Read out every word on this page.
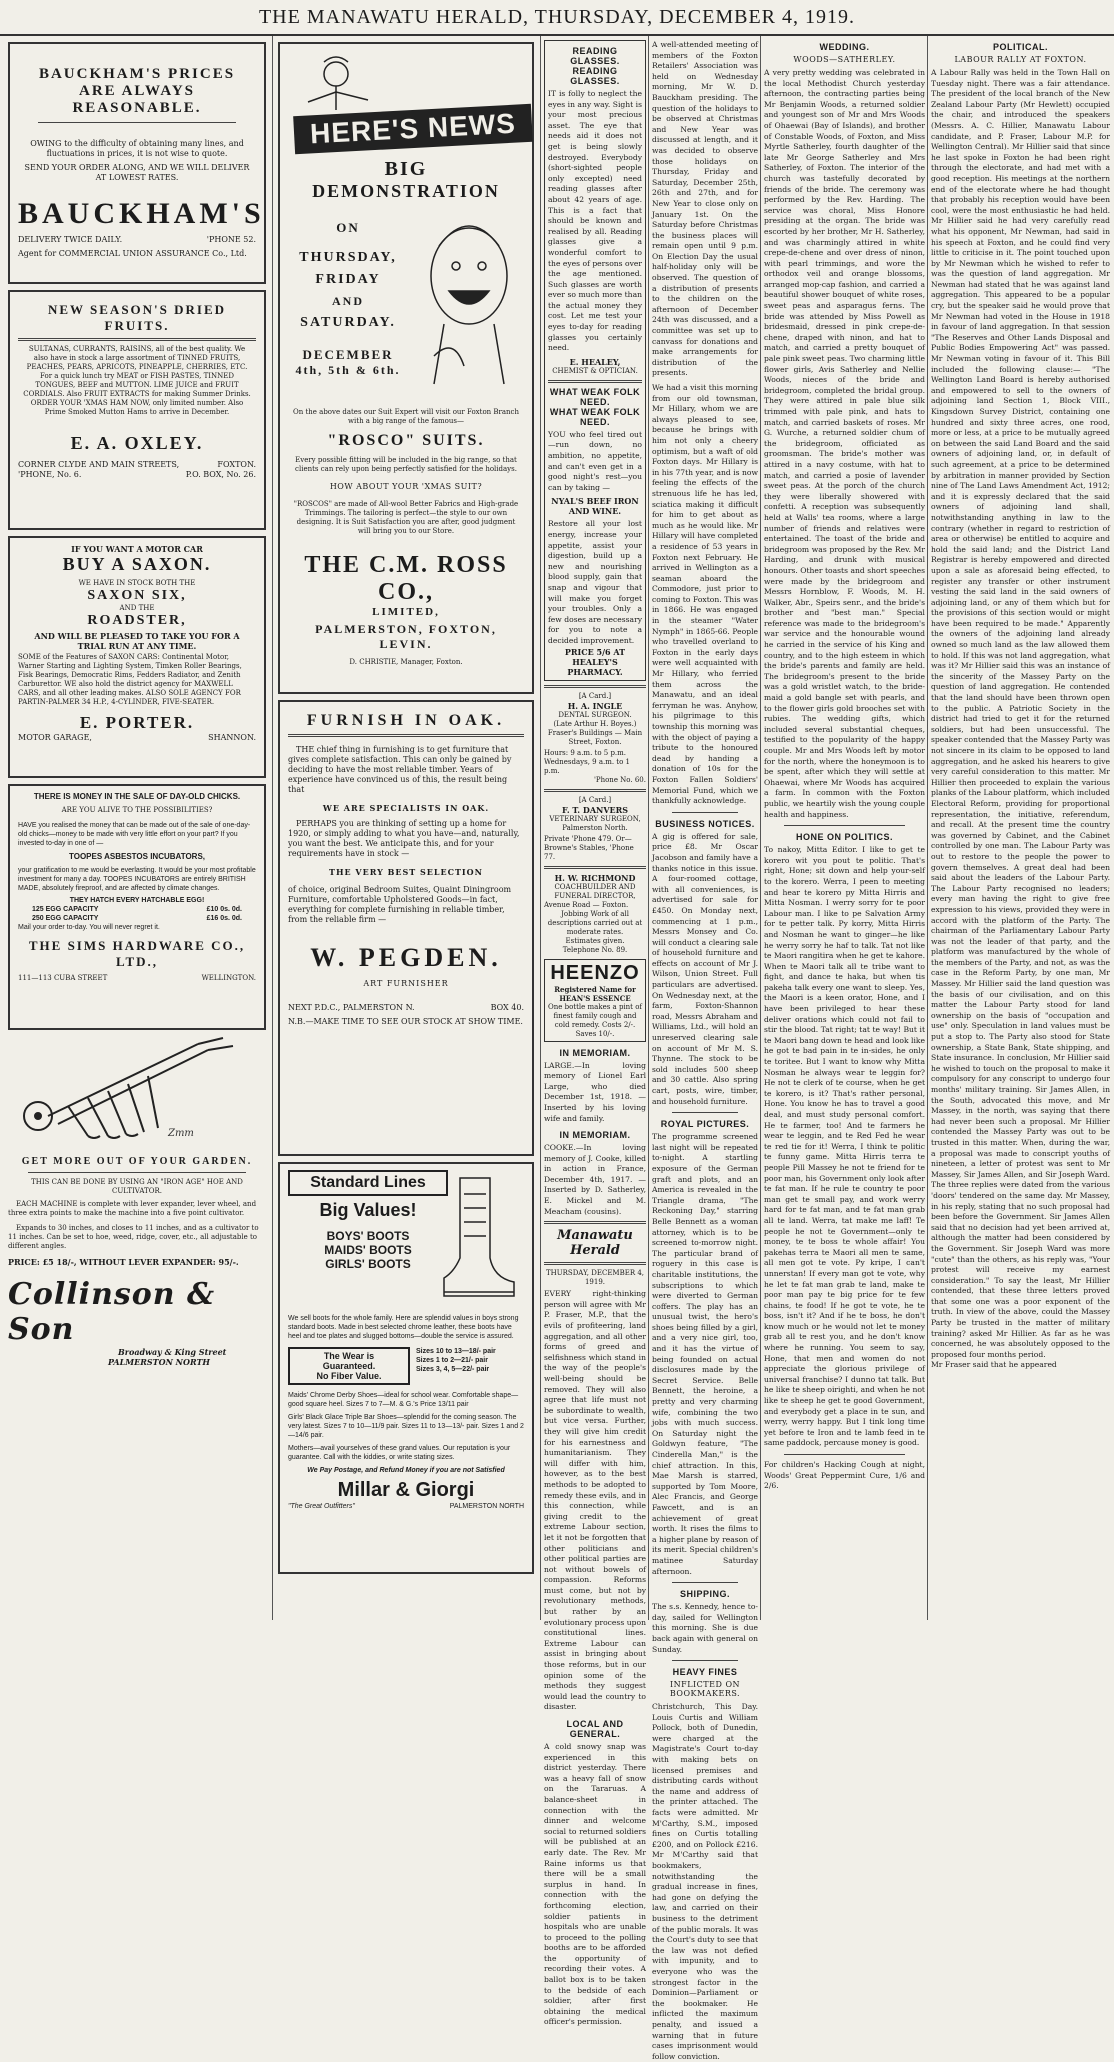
THE MANAWATU HERALD, THURSDAY, DECEMBER 4, 1919.
BAUCKHAM'S PRICES
ARE ALWAYS REASONABLE.
OWING to the difficulty of obtaining many lines, and fluctuations in prices, it is not wise to quote.
SEND YOUR ORDER ALONG, AND WE WILL DELIVER AT LOWEST RATES.
BAUCKHAM'S
DELIVERY TWICE DAILY.	'PHONE 52.
Agent for COMMERCIAL UNION ASSURANCE Co., Ltd.
NEW SEASON'S DRIED FRUITS.
SULTANAS, CURRANTS, RAISINS, all of the best quality. We also have in stock a large assortment of TINNED FRUITS, PEACHES, PEARS, APRICOTS, PINEAPPLE, CHERRIES, ETC. For a quick lunch try MEAT or FISH PASTES, TINNED TONGUES, BEEF and MUTTON. LIME JUICE and FRUIT CORDIALS. Also FRUIT EXTRACTS for making Summer Drinks. ORDER YOUR 'XMAS HAM NOW, only limited number. Also Prime Smoked Mutton Hams to arrive in December.
E. A. OXLEY.
CORNER CLYDE AND MAIN STREETS,	FOXTON.
'PHONE, No. 6.	P.O. BOX, No. 26.
IF YOU WANT A MOTOR CAR
BUY A SAXON.
WE HAVE IN STOCK BOTH THE
SAXON SIX,
AND THE
ROADSTER,
AND WILL BE PLEASED TO TAKE YOU FOR A TRIAL RUN AT ANY TIME.
SOME of the Features of SAXON CARS: Continental Motor, Warner Starting and Lighting System, Timken Roller Bearings, Fisk Bearings, Democratic Rims, Fedders Radiator, and Zenith Carburettor. WE also hold the district agency for MAXWELL CARS, and all other leading makes. ALSO SOLE AGENCY FOR PARTIN-PALMER 34 H.P., 4-CYLINDER, FIVE-SEATER.
E. PORTER.
MOTOR GARAGE,	SHANNON.
THERE IS MONEY IN THE SALE OF DAY-OLD CHICKS.
ARE YOU ALIVE TO THE POSSIBILITIES?
HAVE you realised the money that can be made out of the sale of one-day-old chicks—money to be made with very little effort on your part? If you invested to-day in one of —
TOOPES ASBESTOS INCUBATORS,
your gratification to me would be everlasting. It would be your most profitable investment for many a day. TOOPES INCUBATORS are entirely BRITISH MADE, absolutely fireproof, and are affected by climate changes.
THEY HATCH EVERY HATCHABLE EGG!
125 EGG CAPACITY	£10 0s. 0d.
250 EGG CAPACITY	£16 0s. 0d.
Mail your order to-day. You will never regret it.
THE SIMS HARDWARE CO., LTD.,
111—113 CUBA STREET	WELLINGTON.
Zmm
GET MORE OUT OF YOUR GARDEN.
THIS CAN BE DONE BY USING AN "IRON AGE" HOE AND CULTIVATOR.
EACH MACHINE is complete with lever expander, lever wheel, and three extra points to make the machine into a five point cultivator.
Expands to 30 inches, and closes to 11 inches, and as a cultivator to 11 inches. Can be set to hoe, weed, ridge, cover, etc., all adjustable to different angles.
PRICE: £5 18/-, WITHOUT LEVER EXPANDER: 95/-.
Collinson & Son
Broadway & King Street
PALMERSTON NORTH
HERE'S NEWS
BIG
DEMONSTRATION
ON
THURSDAY,
FRIDAY
AND
SATURDAY.
DECEMBER
4th, 5th & 6th.
On the above dates our Suit Expert will visit our Foxton Branch with a big range of the famous—
"ROSCO" SUITS.
Every possible fitting will be included in the big range, so that clients can rely upon being perfectly satisfied for the holidays.
HOW ABOUT YOUR 'XMAS SUIT?
"ROSCOS" are made of All-wool Better Fabrics and High-grade Trimmings. The tailoring is perfect—the style to our own designing. It is Suit Satisfaction you are after, good judgment will bring you to our Store.
THE C.M. ROSS CO.,
LIMITED,
PALMERSTON, FOXTON, LEVIN.
D. CHRISTIE, Manager, Foxton.
FURNISH IN OAK.
THE chief thing in furnishing is to get furniture that gives complete satisfaction. This can only be gained by deciding to have the most reliable timber. Years of experience have convinced us of this, the result being that
WE ARE SPECIALISTS IN OAK.
PERHAPS you are thinking of setting up a home for 1920, or simply adding to what you have—and, naturally, you want the best. We anticipate this, and for your requirements have in stock —
THE VERY BEST SELECTION
of choice, original Bedroom Suites, Quaint Diningroom Furniture, comfortable Upholstered Goods—in fact, everything for complete furnishing in reliable timber, from the reliable firm —
W. PEGDEN.
ART FURNISHER
NEXT P.D.C., PALMERSTON N.	BOX 40.
N.B.—MAKE TIME TO SEE OUR STOCK AT SHOW TIME.
Standard Lines
Big Values!
BOYS' BOOTS
MAIDS' BOOTS
GIRLS' BOOTS
We sell boots for the whole family. Here are splendid values in boys strong standard boots. Made in best selected chrome leather, these boots have heel and toe plates and slugged bottoms—double the service is assured.
The Wear is
Guaranteed.
No Fiber Value.
Sizes 10 to 13—18/- pair
Sizes 1 to 2—21/- pair
Sizes 3, 4, 5—22/- pair
Maids' Chrome Derby Shoes—ideal for school wear. Comfortable shape—good square heel. Sizes 7 to 7—M. & G.'s Price 13/11 pair
Girls' Black Glace Triple Bar Shoes—splendid for the coming season. The very latest. Sizes 7 to 10—11/9 pair. Sizes 11 to 13—13/- pair. Sizes 1 and 2—14/6 pair.
Mothers—avail yourselves of these grand values. Our reputation is your guarantee. Call with the kiddies, or write stating sizes.
We Pay Postage, and Refund Money if you are not Satisfied
Millar & Giorgi
"The Great Outfitters"	PALMERSTON NORTH
READING GLASSES.
READING GLASSES.
IT is folly to neglect the eyes in any way. Sight is your most precious asset. The eye that needs aid it does not get is being slowly destroyed. Everybody (short-sighted people only excepted) need reading glasses after about 42 years of age. This is a fact that should be known and realised by all. Reading glasses give a wonderful comfort to the eyes of persons over the age mentioned. Such glasses are worth ever so much more than the actual money they cost. Let me test your eyes to-day for reading glasses you certainly need.
E. HEALEY,
CHEMIST & OPTICIAN.
WHAT WEAK FOLK NEED.
WHAT WEAK FOLK NEED.
YOU who feel tired out—run down, no ambition, no appetite, and can't even get in a good night's rest—you can by taking —
NYAL'S BEEF IRON AND WINE.
Restore all your lost energy, increase your appetite, assist your digestion, build up a new and nourishing blood supply, gain that snap and vigour that will make you forget your troubles. Only a few doses are necessary for you to note a decided improvement.
PRICE 5/6 AT
HEALEY'S PHARMACY.
[A Card.]
H. A. INGLE
DENTAL SURGEON.
(Late Arthur H. Boyes.)
Fraser's Buildings — Main Street, Foxton.
Hours: 9 a.m. to 5 p.m. Wednesdays, 9 a.m. to 1 p.m.
'Phone No. 60.
[A Card.]
F. T. DANVERS
VETERINARY SURGEON,
Palmerston North.
Private 'Phone 479. Or— Browne's Stables, 'Phone 77.
H. W. RICHMOND
COACHBUILDER AND FUNERAL DIRECTOR,
Avenue Road — Foxton.
Jobbing Work of all descriptions carried out at moderate rates.
Estimates given.
Telephone No. 89.
HEENZO
Registered Name for HEAN'S ESSENCE
One bottle makes a pint of finest family cough and cold remedy. Costs 2/-. Saves 10/-.
IN MEMORIAM.
LARGE.—In loving memory of Lionel Earl Large, who died December 1st, 1918. —Inserted by his loving wife and family.
IN MEMORIAM.
COOKE.—In loving memory of J. Cooke, killed in action in France, December 4th, 1917. —Inserted by D. Satherley, E. Mickel and M. Meacham (cousins).
Manawatu Herald
THURSDAY, DECEMBER 4, 1919.
EVERY right-thinking person will agree with Mr P. Fraser, M.P., that the evils of profiteering, land aggregation, and all other forms of greed and selfishness which stand in the way of the people's well-being should be removed. They will also agree that life must not be subordinate to wealth, but vice versa. Further, they will give him credit for his earnestness and humanitarianism. They will differ with him, however, as to the best methods to be adopted to remedy these evils, and in this connection, while giving credit to the extreme Labour section, let it not be forgotten that other politicians and other political parties are not without bowels of compassion. Reforms must come, but not by revolutionary methods, but rather by an evolutionary process upon constitutional lines. Extreme Labour can assist in bringing about those reforms, but in our opinion some of the methods they suggest would lead the country to disaster.
LOCAL AND GENERAL.
A cold snowy snap was experienced in this district yesterday. There was a heavy fall of snow on the Tararuas. A balance-sheet in connection with the dinner and welcome social to returned soldiers will be published at an early date. The Rev. Mr Raine informs us that there will be a small surplus in hand. In connection with the forthcoming election, soldier patients in hospitals who are unable to proceed to the polling booths are to be afforded the opportunity of recording their votes. A ballot box is to be taken to the bedside of each soldier, after first obtaining the medical officer's permission.
A well-attended meeting of members of the Foxton Retailers' Association was held on Wednesday morning, Mr W. D. Bauckham presiding. The question of the holidays to be observed at Christmas and New Year was discussed at length, and it was decided to observe those holidays on Thursday, Friday and Saturday, December 25th, 26th and 27th, and for New Year to close only on January 1st. On the Saturday before Christmas the business places will remain open until 9 p.m. On Election Day the usual half-holiday only will be observed. The question of a distribution of presents to the children on the afternoon of December 24th was discussed, and a committee was set up to canvass for donations and make arrangements for distribution of the presents.
We had a visit this morning from our old townsman, Mr Hillary, whom we are always pleased to see, because he brings with him not only a cheery optimism, but a waft of old Foxton days. Mr Hillary is in his 77th year, and is now feeling the effects of the strenuous life he has led, sciatica making it difficult for him to get about as much as he would like. Mr Hillary will have completed a residence of 53 years in Foxton next February. He arrived in Wellington as a seaman aboard the Commodore, just prior to coming to Foxton. This was in 1866. He was engaged in the steamer "Water Nymph" in 1865-66. People who travelled overland to Foxton in the early days were well acquainted with Mr Hillary, who ferried them across the Manawatu, and an ideal ferryman he was. Anyhow, his pilgrimage to this township this morning was with the object of paying a tribute to the honoured dead by handing a donation of 10s for the Foxton Fallen Soldiers' Memorial Fund, which we thankfully acknowledge.
BUSINESS NOTICES.
A gig is offered for sale, price £8. Mr Oscar Jacobson and family have a thanks notice in this issue. A four-roomed cottage, with all conveniences, is advertised for sale for £450. On Monday next, commencing at 1 p.m., Messrs Monsey and Co. will conduct a clearing sale of household furniture and effects on account of Mr J. Wilson, Union Street. Full particulars are advertised. On Wednesday next, at the farm, Foxton-Shannon road, Messrs Abraham and Williams, Ltd., will hold an unreserved clearing sale on account of Mr M. S. Thynne. The stock to be sold includes 500 sheep and 30 cattle. Also spring cart, posts, wire, timber, and household furniture.
ROYAL PICTURES.
The programme screened last night will be repeated to-night. A startling exposure of the German graft and plots, and an America is revealed in the Triangle drama, "The Reckoning Day," starring Belle Bennett as a woman attorney, which is to be screened to-morrow night. The particular brand of roguery in this case is charitable institutions, the subscriptions to which were diverted to German coffers. The play has an unusual twist, the hero's shoes being filled by a girl, and a very nice girl, too, and it has the virtue of being founded on actual disclosures made by the Secret Service. Belle Bennett, the heroine, a pretty and very charming wife, combining the two jobs with much success. On Saturday night the Goldwyn feature, "The Cinderella Man," is the chief attraction. In this, Mae Marsh is starred, supported by Tom Moore, Alec Francis, and George Fawcett, and is an achievement of great worth. It rises the films to a higher plane by reason of its merit. Special children's matinee Saturday afternoon.
SHIPPING.
The s.s. Kennedy, hence to-day, sailed for Wellington this morning. She is due back again with general on Sunday.
HEAVY FINES
INFLICTED ON BOOKMAKERS.
Christchurch, This Day. Louis Curtis and William Pollock, both of Dunedin, were charged at the Magistrate's Court to-day with making bets on licensed premises and distributing cards without the name and address of the printer attached. The facts were admitted. Mr M'Carthy, S.M., imposed fines on Curtis totalling £200, and on Pollock £216. Mr M'Carthy said that bookmakers, notwithstanding the gradual increase in fines, had gone on defying the law, and carried on their business to the detriment of the public morals. It was the Court's duty to see that the law was not defied with impunity, and to everyone who was the strongest factor in the Dominion—Parliament or the bookmaker. He inflicted the maximum penalty, and issued a warning that in future cases imprisonment would follow conviction.
WEDDING.
WOODS—SATHERLEY.
A very pretty wedding was celebrated in the local Methodist Church yesterday afternoon, the contracting parties being Mr Benjamin Woods, a returned soldier and youngest son of Mr and Mrs Woods of Ohaewai (Bay of Islands), and brother of Constable Woods, of Foxton, and Miss Myrtle Satherley, fourth daughter of the late Mr George Satherley and Mrs Satherley, of Foxton. The interior of the church was tastefully decorated by friends of the bride. The ceremony was performed by the Rev. Harding. The service was choral, Miss Honore presiding at the organ. The bride was escorted by her brother, Mr H. Satherley, and was charmingly attired in white crepe-de-chene and over dress of ninon, with pearl trimmings, and wore the orthodox veil and orange blossoms, arranged mop-cap fashion, and carried a beautiful shower bouquet of white roses, sweet peas and asparagus ferns. The bride was attended by Miss Powell as bridesmaid, dressed in pink crepe-de-chene, draped with ninon, and hat to match, and carried a pretty bouquet of pale pink sweet peas. Two charming little flower girls, Avis Satherley and Nellie Woods, nieces of the bride and bridegroom, completed the bridal group. They were attired in pale blue silk trimmed with pale pink, and hats to match, and carried baskets of roses. Mr G. Wurche, a returned soldier chum of the bridegroom, officiated as groomsman. The bride's mother was attired in a navy costume, with hat to match, and carried a posie of lavender sweet peas. At the porch of the church they were liberally showered with confetti. A reception was subsequently held at Walls' tea rooms, where a large number of friends and relatives were entertained. The toast of the bride and bridegroom was proposed by the Rev. Mr Harding, and drunk with musical honours. Other toasts and short speeches were made by the bridegroom and Messrs Hornblow, F. Woods, M. H. Walker, Abr., Speirs senr., and the bride's brother and "best man." Special reference was made to the bridegroom's war service and the honourable wound he carried in the service of his King and country, and to the high esteem in which the bride's parents and family are held. The bridegroom's present to the bride was a gold wristlet watch, to the bride-maid a gold bangle set with pearls, and to the flower girls gold brooches set with rubies. The wedding gifts, which included several substantial cheques, testified to the popularity of the happy couple. Mr and Mrs Woods left by motor for the north, where the honeymoon is to be spent, after which they will settle at Ohaewai, where Mr Woods has acquired a farm. In common with the Foxton public, we heartily wish the young couple health and happiness.
HONE ON POLITICS.
To nakoy, Mitta Editor. I like to get te korero wit you pout te politic. That's right, Hone; sit down and help your-self to the korero. Werra, I peen to meeting and hear te korero py Mitta Hirris and Mitta Nosman. I werry sorry for te poor Labour man. I like to pe Salvation Army for te petter talk. Py korry, Mitta Hirris and Nosman he want to ginger—he like he werry sorry he haf to talk. Tat not like te Maori rangitira when he get te kahore. When te Maori talk all te tribe want to fight, and dance te haka, but when tis pakeha talk every one want to sleep. Yes, the Maori is a keen orator, Hone, and I have been privileged to hear these deliver orations which could not fail to stir the blood. Tat right; tat te way! But it te Maori bang down te head and look like he got te bad pain in te in-sides, he only te toritee. But I want to know why Mitta Nosman he always wear te leggin for? He not te clerk of te course, when he get te korero, is it? That's rather personal, Hone. You know he has to travel a good deal, and must study personal comfort. He te farmer, too! And te farmers he wear te leggin, and te Red Fed he wear te red tie for it! Werra, I think te politic te funny game. Mitta Hirris terra te people Pill Massey he not te friend for te poor man, his Government only look after te fat man. If he rule te country te poor man get te small pay, and work werry hard for te fat man, and te fat man grab all te land. Werra, tat make me laff! Te people he not te Government—only te money, te te boss te whole affair! You pakehas terra te Maori all men te same, all men got te vote. Py kripe, I can't unnerstan! If every man got te vote, why he let te fat man grab te land, make te poor man pay te big price for te few chains, te food! If he got te vote, he te boss, isn't it? And if he te boss, he don't know much or he would not let te money grab all te rest you, and he don't know where he running. You seem to say, Hone, that men and women do not appreciate the glorious privilege of universal franchise? I dunno tat talk. But he like te sheep oirighti, and when he not like te sheep he get te good Government, and everybody get a place in te sun, and werry, werry happy. But I tink long time yet before te Iron and te lamb feed in te same paddock, percause money is good.
For children's Hacking Cough at night, Woods' Great Peppermint Cure, 1/6 and 2/6.
POLITICAL.
LABOUR RALLY AT FOXTON.
A Labour Rally was held in the Town Hall on Tuesday night. There was a fair attendance. The president of the local branch of the New Zealand Labour Party (Mr Hewlett) occupied the chair, and introduced the speakers (Messrs. A. C. Hillier, Manawatu Labour candidate, and P. Fraser, Labour M.P. for Wellington Central). Mr Hillier said that since he last spoke in Foxton he had been right through the electorate, and had met with a good reception. His meetings at the northern end of the electorate where he had thought that probably his reception would have been cool, were the most enthusiastic he had held. Mr Hillier said he had very carefully read what his opponent, Mr Newman, had said in his speech at Foxton, and he could find very little to criticise in it. The point touched upon by Mr Newman which he wished to refer to was the question of land aggregation. Mr Newman had stated that he was against land aggregation. This appeared to be a popular cry, but the speaker said he would prove that Mr Newman had voted in the House in 1918 in favour of land aggregation. In that session "The Reserves and Other Lands Disposal and Public Bodies Empowering Act" was passed. Mr Newman voting in favour of it. This Bill included the following clause:— "The Wellington Land Board is hereby authorised and empowered to sell to the owners of adjoining land Section 1, Block VIII., Kingsdown Survey District, containing one hundred and sixty three acres, one rood, more or less, at a price to be mutually agreed on between the said Land Board and the said owners of adjoining land, or, in default of such agreement, at a price to be determined by arbitration in manner provided by Section nine of The Land Laws Amendment Act, 1912; and it is expressly declared that the said owners of adjoining land shall, notwithstanding anything in law to the contrary (whether in regard to restriction of area or otherwise) be entitled to acquire and hold the said land; and the District Land Registrar is hereby empowered and directed upon a sale as aforesaid being effected, to register any transfer or other instrument vesting the said land in the said owners of adjoining land, or any of them which but for the provisions of this section would or might have been required to be made." Apparently the owners of the adjoining land already owned so much land as the law allowed them to hold. If this was not land aggregation, what was it? Mr Hillier said this was an instance of the sincerity of the Massey Party on the question of land aggregation. He contended that the land should have been thrown open to the public. A Patriotic Society in the district had tried to get it for the returned soldiers, but had been unsuccessful. The speaker contended that the Massey Party was not sincere in its claim to be opposed to land aggregation, and he asked his hearers to give very careful consideration to this matter. Mr Hillier then proceeded to explain the various planks of the Labour platform, which included Electoral Reform, providing for proportional representation, the initiative, referendum, and recall. At the present time the country was governed by Cabinet, and the Cabinet controlled by one man. The Labour Party was out to restore to the people the power to govern themselves. A great deal had been said about the leaders of the Labour Party. The Labour Party recognised no leaders; every man having the right to give free expression to his views, provided they were in accord with the platform of the Party. The chairman of the Parliamentary Labour Party was not the leader of that party, and the platform was manufactured by the whole of the members of the Party, and not, as was the case in the Reform Party, by one man, Mr Massey. Mr Hillier said the land question was the basis of our civilisation, and on this matter the Labour Party stood for land ownership on the basis of "occupation and use" only. Speculation in land values must be put a stop to. The Party also stood for State ownership, a State Bank, State shipping, and State insurance. In conclusion, Mr Hillier said he wished to touch on the proposal to make it compulsory for any conscript to undergo four months' military training. Sir James Allen, in the South, advocated this move, and Mr Massey, in the north, was saying that there had never been such a proposal. Mr Hillier contended the Massey Party was out to be trusted in this matter. When, during the war, a proposal was made to conscript youths of nineteen, a letter of protest was sent to Mr Massey, Sir James Allen, and Sir Joseph Ward. The three replies were dated from the various 'doors' tendered on the same day. Mr Massey, in his reply, stating that no such proposal had been before the Government. Sir James Allen said that no decision had yet been arrived at, although the matter had been considered by the Government. Sir Joseph Ward was more "cute" than the others, as his reply was, "Your protest will receive my earnest consideration." To say the least, Mr Hillier contended, that these three letters proved that some one was a poor exponent of the truth. In view of the above, could the Massey Party be trusted in the matter of military training? asked Mr Hillier. As far as he was concerned, he was absolutely opposed to the proposed four months period.
Mr Fraser said that he appeared
